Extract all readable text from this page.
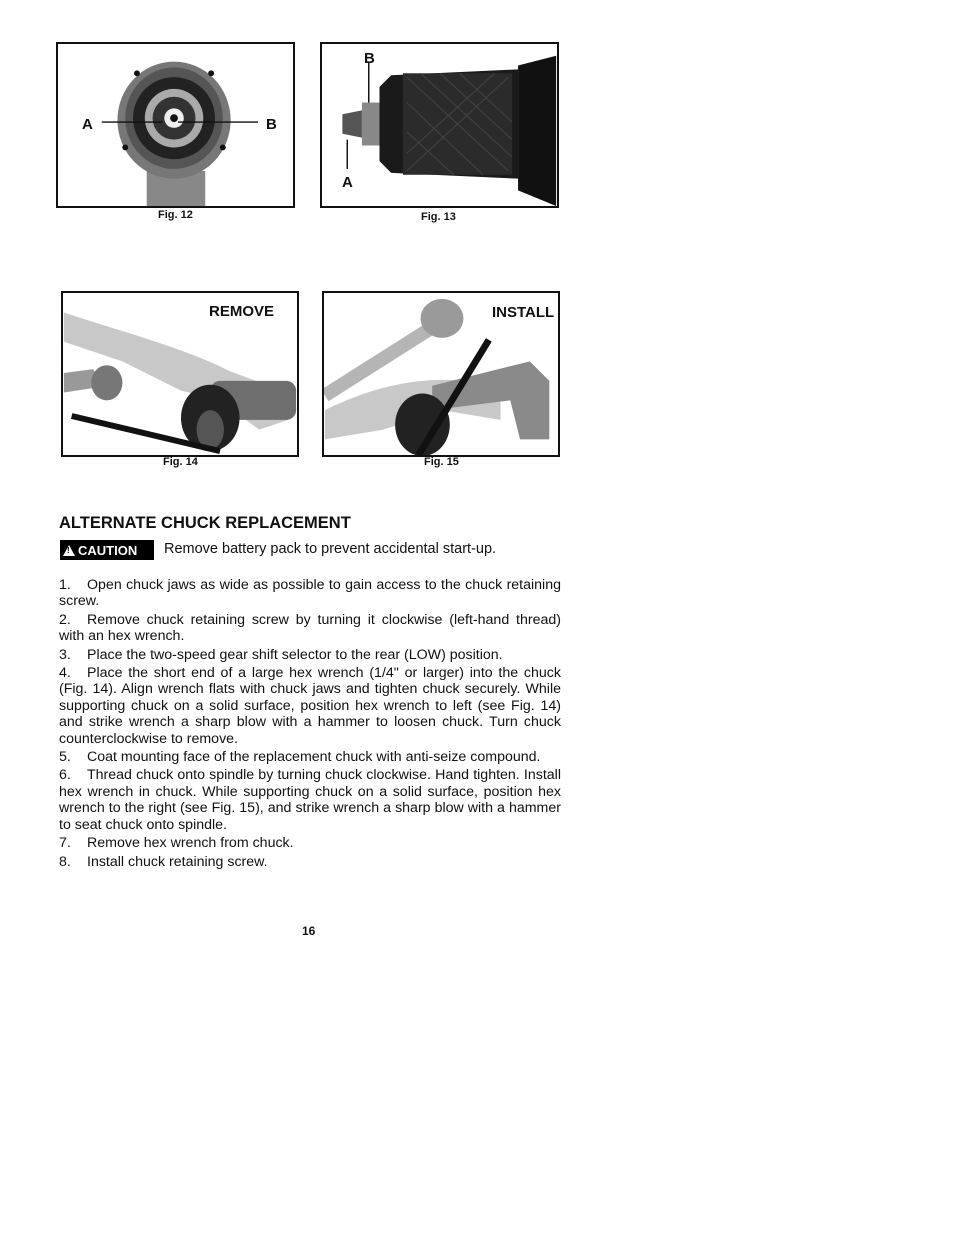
A	B
Fig. 12
B
A
Fig. 13
REMOVE
Fig. 14
INSTALL
Fig. 15
ALTERNATE CHUCK REPLACEMENT
! CAUTION Remove battery pack to prevent accidental start-up.
1. Open chuck jaws as wide as possible to gain access to the chuck retaining screw.
2. Remove chuck retaining screw by turning it clockwise (left-hand thread) with an hex wrench.
3. Place the two-speed gear shift selector to the rear (LOW) position.
4. Place the short end of a large hex wrench (1/4" or larger) into the chuck (Fig. 14). Align wrench flats with chuck jaws and tighten chuck securely. While supporting chuck on a solid surface, position hex wrench to left (see Fig. 14) and strike wrench a sharp blow with a hammer to loosen chuck. Turn chuck counterclockwise to remove.
5. Coat mounting face of the replacement chuck with anti-seize compound.
6. Thread chuck onto spindle by turning chuck clockwise. Hand tighten. Install hex wrench in chuck. While supporting chuck on a solid surface, position hex wrench to the right (see Fig. 15), and strike wrench a sharp blow with a hammer to seat chuck onto spindle.
7. Remove hex wrench from chuck.
8. Install chuck retaining screw.
16
